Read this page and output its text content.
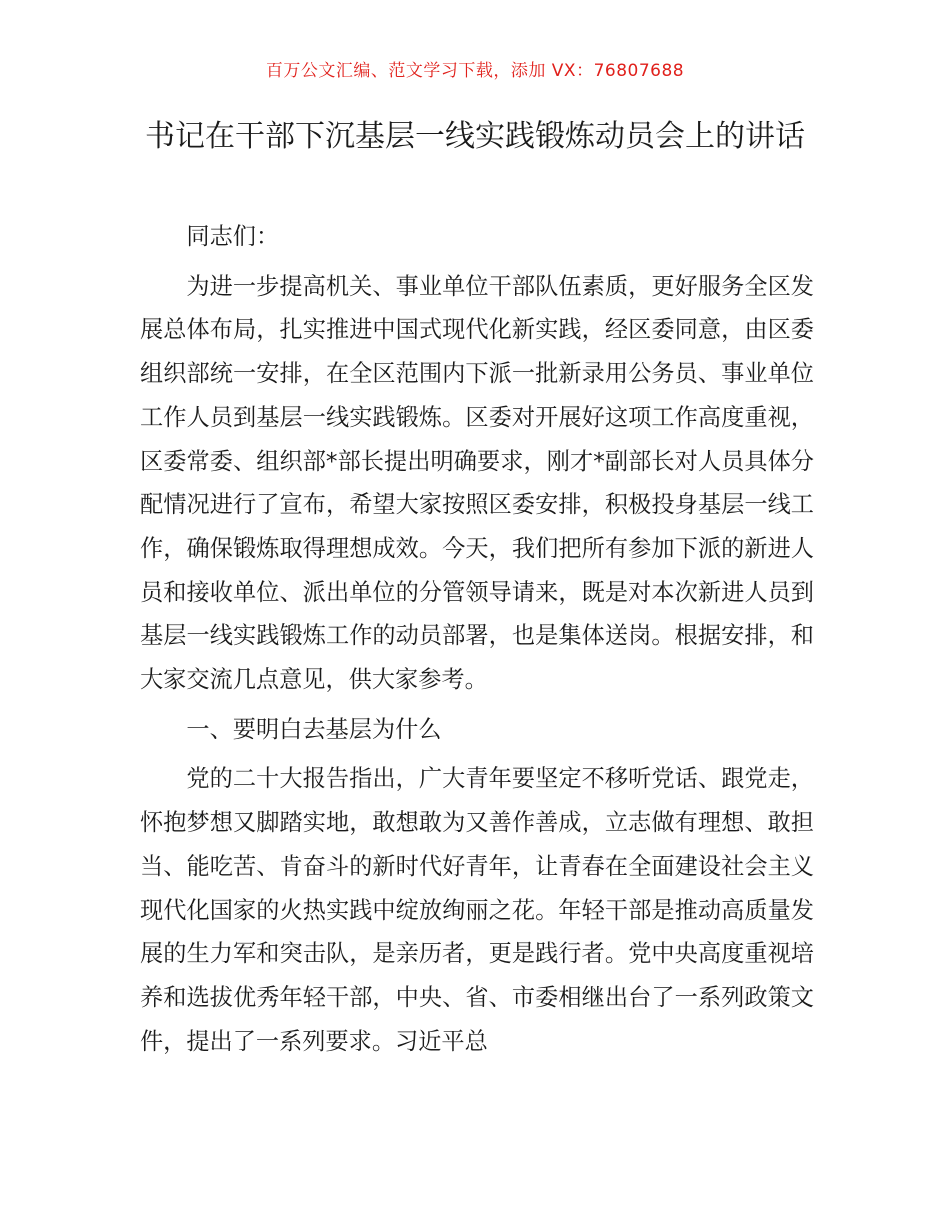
百万公文汇编、范文学习下载，添加 VX：76807688
书记在干部下沉基层一线实践锻炼动员会上的讲话

同志们：

为进一步提高机关、事业单位干部队伍素质，更好服务全区发展总体布局，扎实推进中国式现代化新实践，经区委同意，由区委组织部统一安排，在全区范围内下派一批新录用公务员、事业单位工作人员到基层一线实践锻炼。区委对开展好这项工作高度重视，区委常委、组织部*部长提出明确要求，刚才*副部长对人员具体分配情况进行了宣布，希望大家按照区委安排，积极投身基层一线工作，确保锻炼取得理想成效。今天，我们把所有参加下派的新进人员和接收单位、派出单位的分管领导请来，既是对本次新进人员到基层一线实践锻炼工作的动员部署，也是集体送岗。根据安排，和大家交流几点意见，供大家参考。

一、要明白去基层为什么

党的二十大报告指出，广大青年要坚定不移听党话、跟党走，怀抱梦想又脚踏实地，敢想敢为又善作善成，立志做有理想、敢担当、能吃苦、肯奋斗的新时代好青年，让青春在全面建设社会主义现代化国家的火热实践中绽放绚丽之花。年轻干部是推动高质量发展的生力军和突击队，是亲历者，更是践行者。党中央高度重视培养和选拔优秀年轻干部，中央、省、市委相继出台了一系列政策文件，提出了一系列要求。习近平总
